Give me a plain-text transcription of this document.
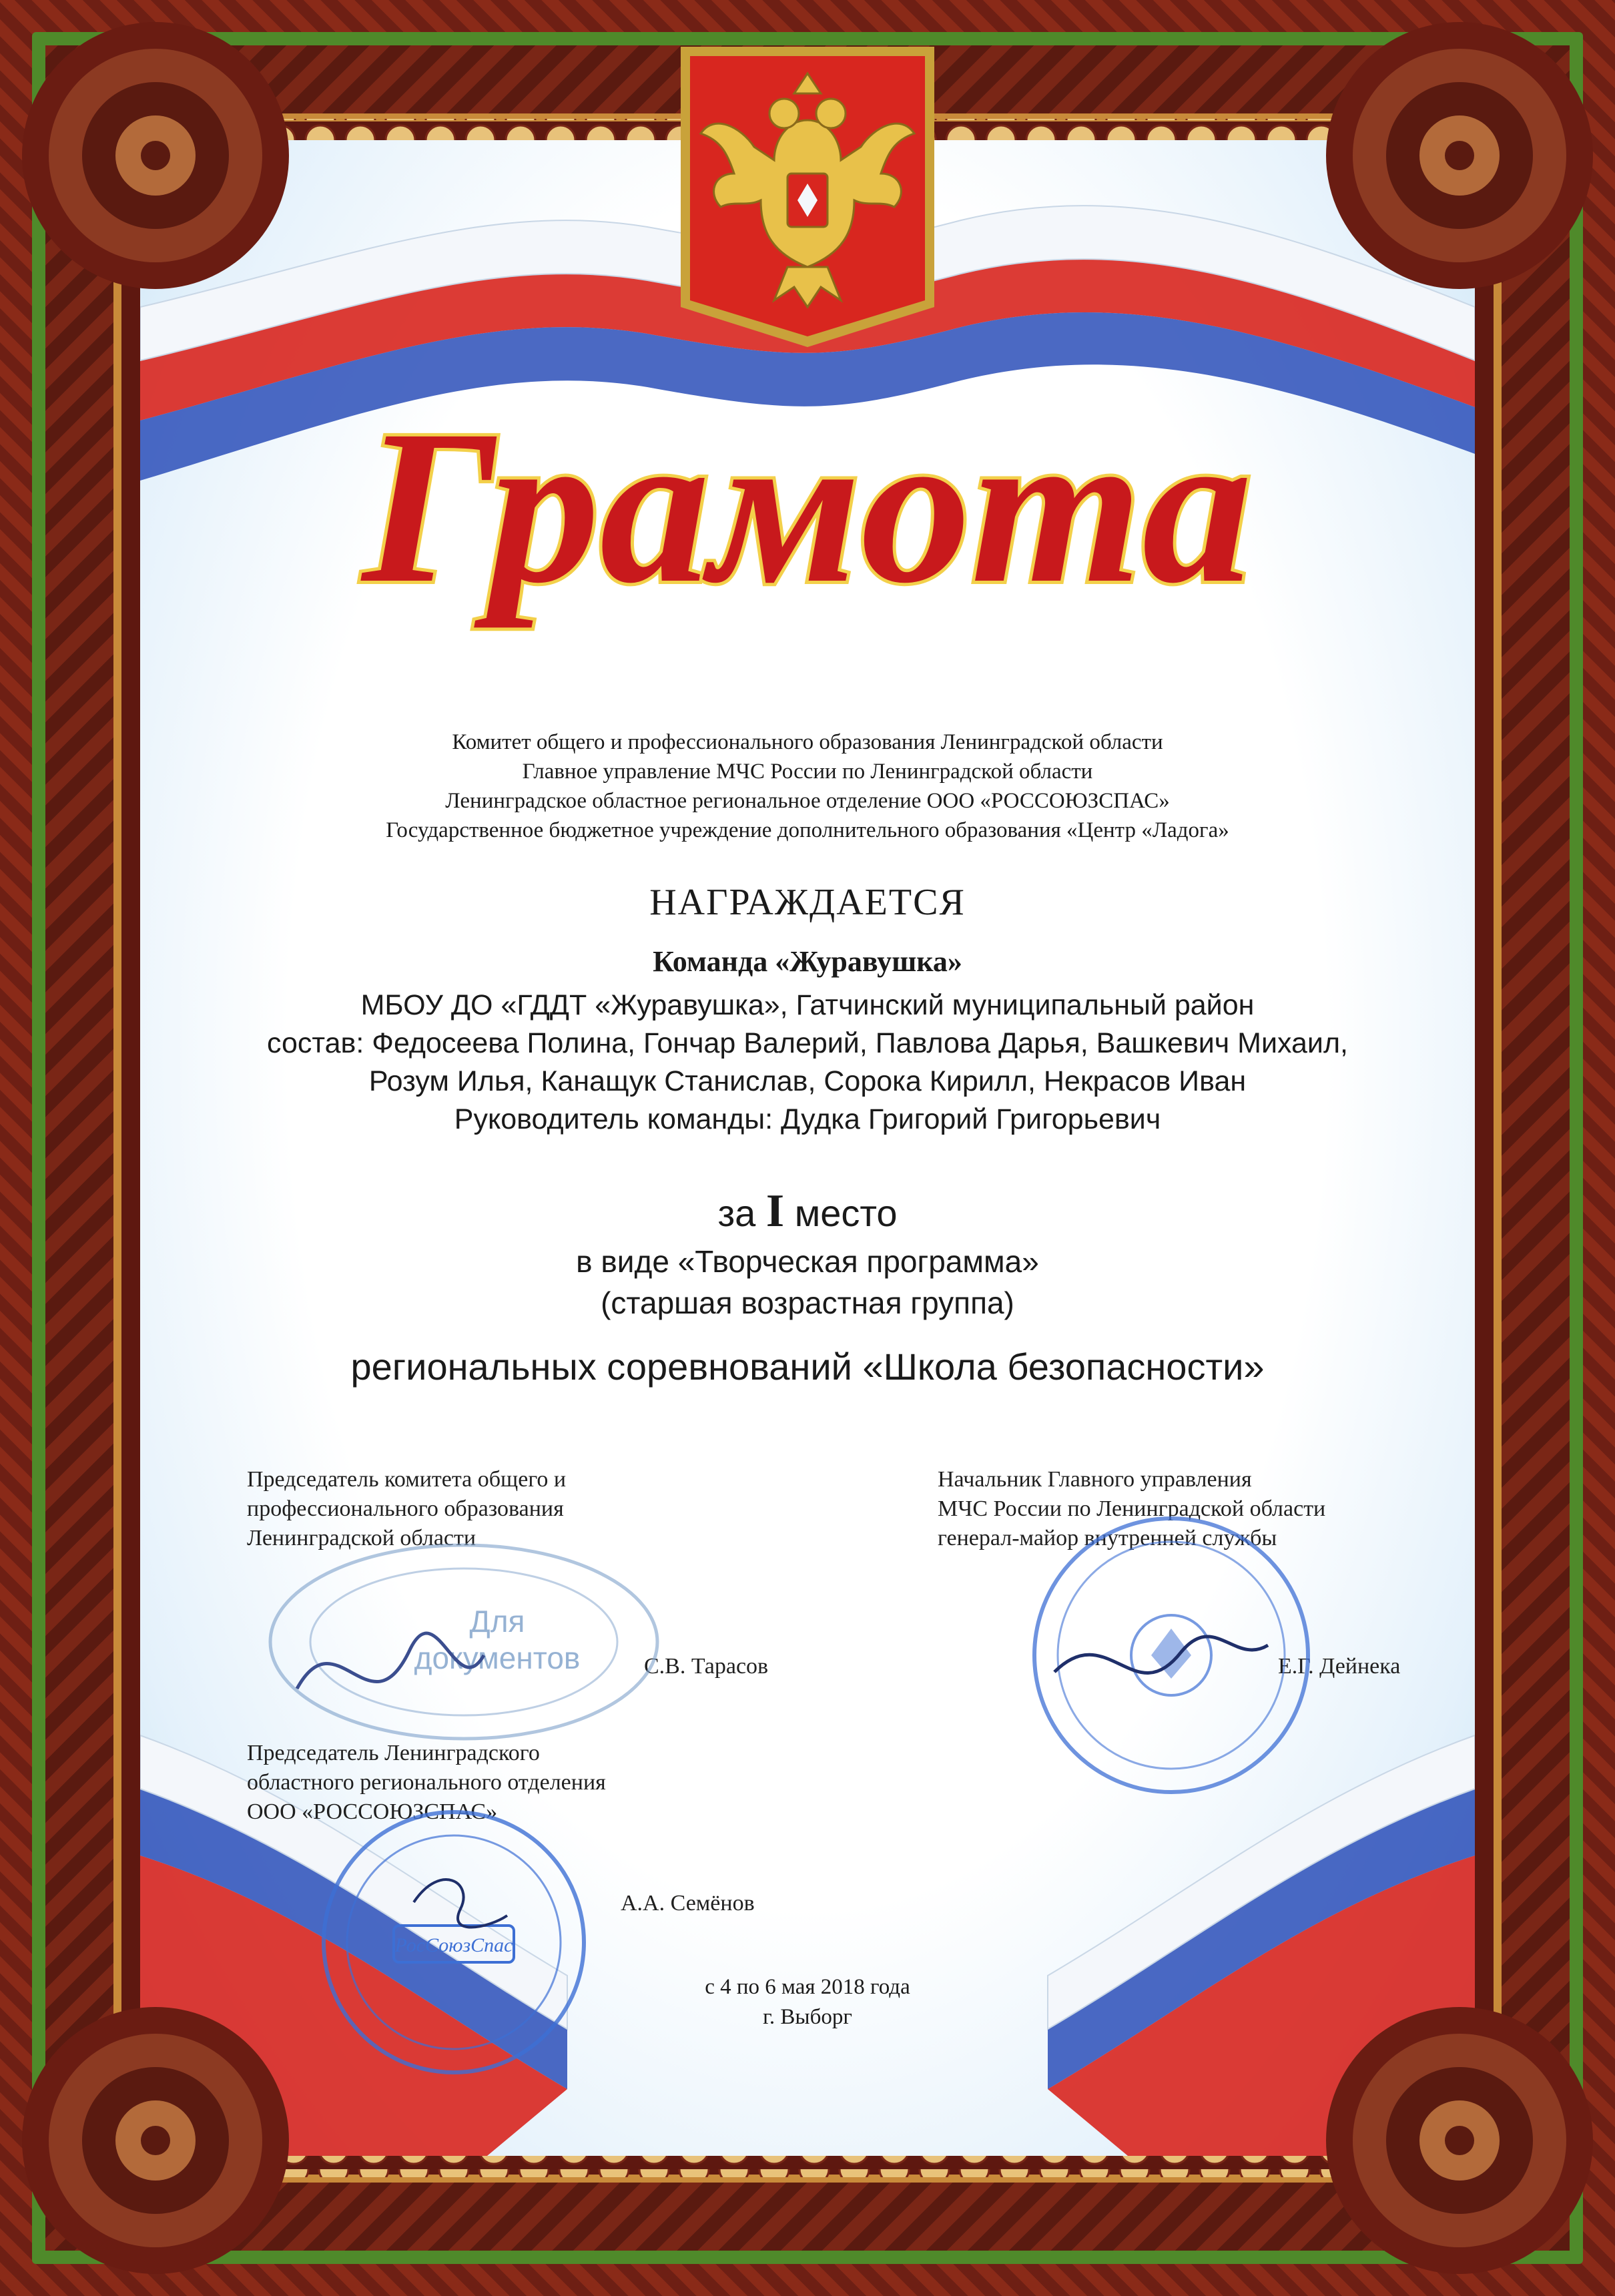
Грамота
Комитет общего и профессионального образования Ленинградской области
Главное управление МЧС России по Ленинградской области
Ленинградское областное региональное отделение ООО «РОССОЮЗСПАС»
Государственное бюджетное учреждение дополнительного образования «Центр «Ладога»
НАГРАЖДАЕТСЯ
Команда «Журавушка»
МБОУ ДО «ГДДТ «Журавушка», Гатчинский муниципальный район
состав: Федосеева Полина, Гончар Валерий, Павлова Дарья, Вашкевич Михаил,
Розум Илья, Канащук Станислав, Сорока Кирилл, Некрасов Иван
Руководитель команды: Дудка Григорий Григорьевич
за I место
в виде «Творческая программа»
(старшая возрастная группа)
региональных соревнований «Школа безопасности»
Председатель комитета общего и
профессионального образования
Ленинградской области
С.В. Тарасов
Начальник Главного управления
МЧС России по Ленинградской области
генерал-майор внутренней службы
Е.Г. Дейнека
Председатель Ленинградского
областного регионального отделения
ООО «РОССОЮЗСПАС»
А.А. Семёнов
Для
документов
РосСоюзСпас
с 4 по 6 мая 2018 года
г. Выборг
